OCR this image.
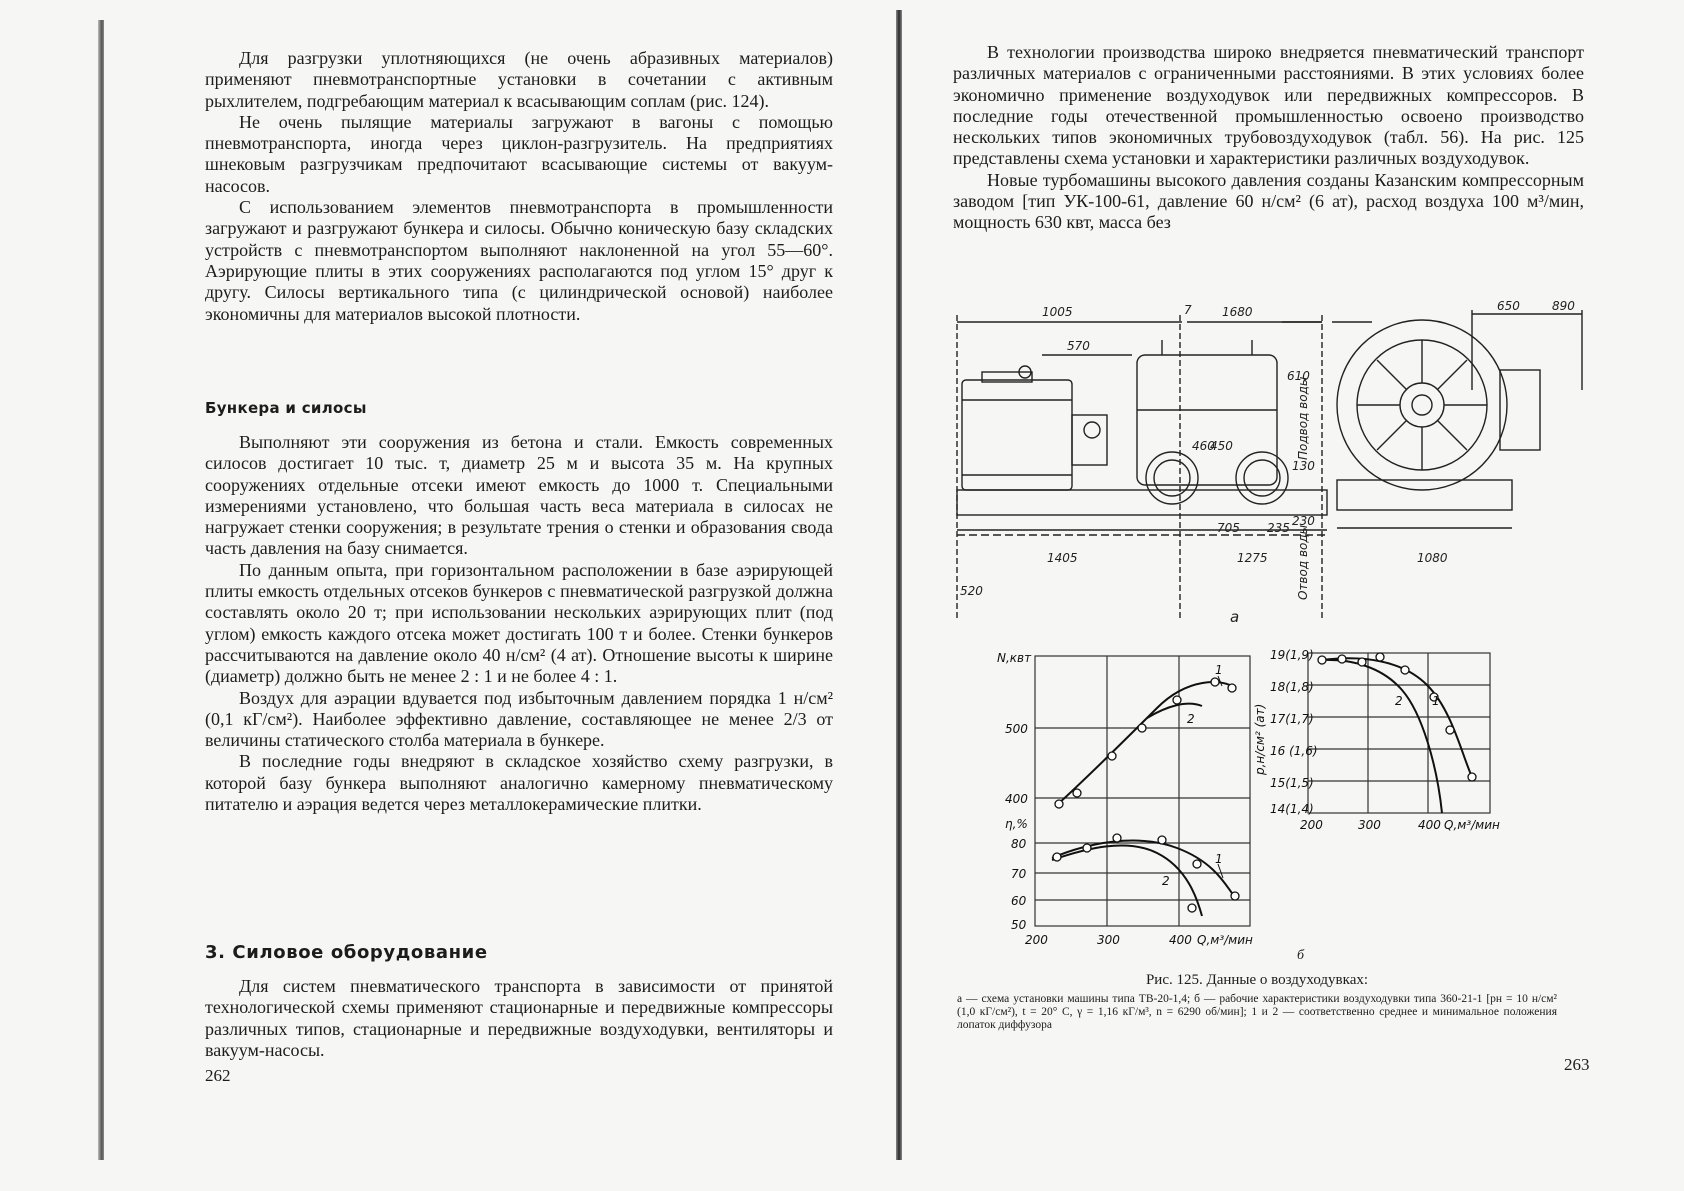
Для разгрузки уплотняющихся (не очень абразивных материалов) применяют пневмотранспортные установки в сочетании с активным рыхлителем, подгребающим материал к всасывающим соплам (рис. 124).

Не очень пылящие материалы загружают в вагоны с помощью пневмотранспорта, иногда через циклон-разгрузитель. На предприятиях шнековым разгрузчикам предпочитают всасывающие системы от вакуум-насосов.

С использованием элементов пневмотранспорта в промышленности загружают и разгружают бункера и силосы. Обычно коническую базу складских устройств с пневмотранспортом выполняют наклоненной на угол 55—60°. Аэрирующие плиты в этих сооружениях располагаются под углом 15° друг к другу. Силосы вертикального типа (с цилиндрической основой) наиболее экономичны для материалов высокой плотности.

Бункера и силосы

Выполняют эти сооружения из бетона и стали. Емкость современных силосов достигает 10 тыс. т, диаметр 25 м и высота 35 м. На крупных сооружениях отдельные отсеки имеют емкость до 1000 т. Специальными измерениями установлено, что большая часть веса материала в силосах не нагружает стенки сооружения; в результате трения о стенки и образования свода часть давления на базу снимается.

По данным опыта, при горизонтальном расположении в базе аэрирующей плиты емкость отдельных отсеков бункеров с пневматической разгрузкой должна составлять около 20 т; при использовании нескольких аэрирующих плит (под углом) емкость каждого отсека может достигать 100 т и более. Стенки бункеров рассчитываются на давление около 40 н/см² (4 ат). Отношение высоты к ширине (диаметр) должно быть не менее 2 : 1 и не более 4 : 1.

Воздух для аэрации вдувается под избыточным давлением порядка 1 н/см² (0,1 кГ/см²). Наиболее эффективно давление, составляющее не менее 2/3 от величины статического столба материала в бункере.

В последние годы внедряют в складское хозяйство схему разгрузки, в которой базу бункера выполняют аналогично камерному пневматическому питателю и аэрация ведется через металлокерамические плитки.

3. Силовое оборудование

Для систем пневматического транспорта в зависимости от принятой технологической схемы применяют стационарные и передвижные компрессоры различных типов, стационарные и передвижные воздуходувки, вентиляторы и вакуум-насосы.

262

В технологии производства широко внедряется пневматический транспорт различных материалов с ограниченными расстояниями. В этих условиях более экономично применение воздуходувок или передвижных компрессоров. В последние годы отечественной промышленностью освоено производство нескольких типов экономичных трубовоздуходувок (табл. 56). На рис. 125 представлены схема установки и характеристики различных воздуходувок.

Новые турбомашины высокого давления созданы Казанским компрессорным заводом [тип УК-100-61, давление 60 н/см² (6 ат), расход воздуха 100 м³/мин, мощность 630 квт, масса без

1005	7	1680
570
650	890
610
460
450
130
705 235 230
1405	1275	1080
520
Подвод воды
Отвод воды
а
N,квт
500
400
η,%
80
70
60
50
200	300	400 Q,м³/мин
1
2
1
2
19(1,9)
18(1,8)
17(1,7)
16 (1,6)
15(1,5)
14(1,4)
200	300	400 Q,м³/мин
2 1
p,н/см² (ат)
б
Рис. 125. Данные о воздуходувках:
а — схема установки машины типа ТВ-20-1,4; б — рабочие характеристики воздуходувки типа 360-21-1 [pн = 10 н/см² (1,0 кГ/см²), t = 20° С, γ = 1,16 кГ/м³, n = 6290 об/мин]; 1 и 2 — соответственно среднее и минимальное положения лопаток диффузора
263
